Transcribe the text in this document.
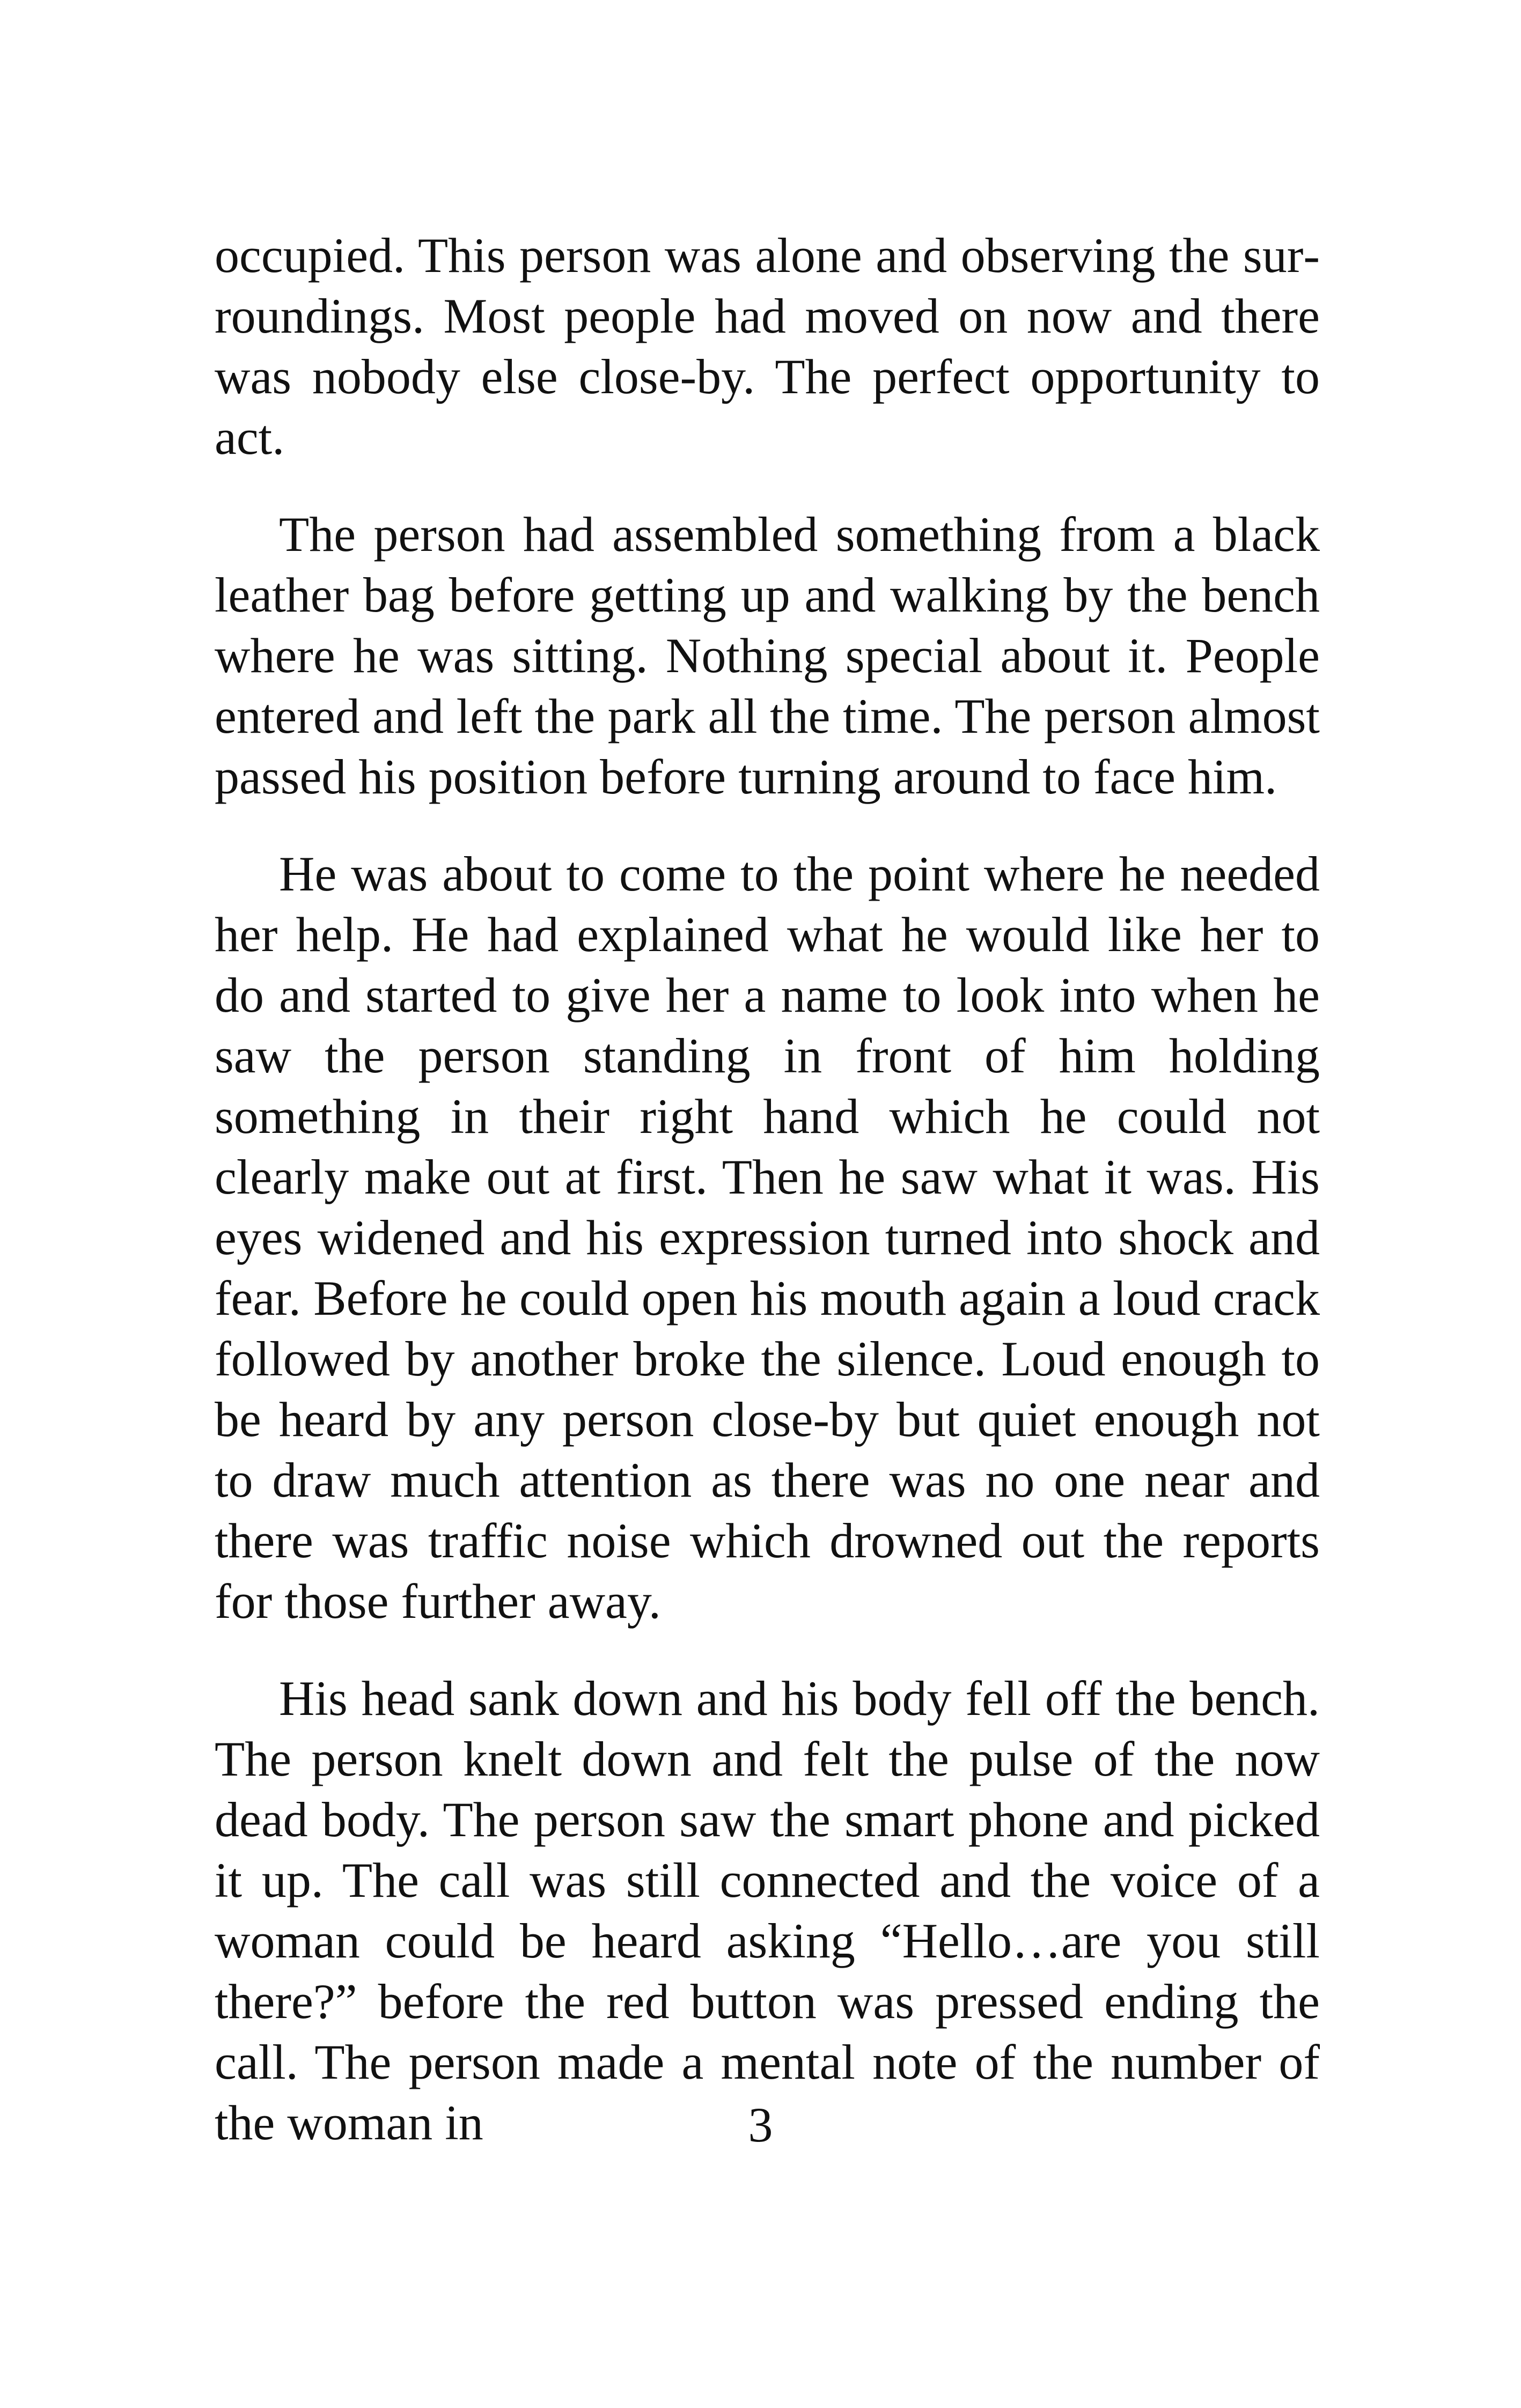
occupied. This person was alone and observing the surroundings. Most people had moved on now and there was nobody else close-by. The perfect opportunity to act.

The person had assembled something from a black leather bag before getting up and walking by the bench where he was sitting. Nothing special about it. People entered and left the park all the time. The person almost passed his position before turning around to face him.

He was about to come to the point where he needed her help. He had explained what he would like her to do and started to give her a name to look into when he saw the person standing in front of him holding something in their right hand which he could not clearly make out at first. Then he saw what it was. His eyes widened and his expression turned into shock and fear. Before he could open his mouth again a loud crack followed by another broke the silence. Loud enough to be heard by any person close-by but quiet enough not to draw much attention as there was no one near and there was traffic noise which drowned out the reports for those further away.

His head sank down and his body fell off the bench. The person knelt down and felt the pulse of the now dead body. The person saw the smart phone and picked it up. The call was still connected and the voice of a woman could be heard asking “Hello…are you still there?” before the red button was pressed ending the call. The person made a mental note of the number of the woman in	3
